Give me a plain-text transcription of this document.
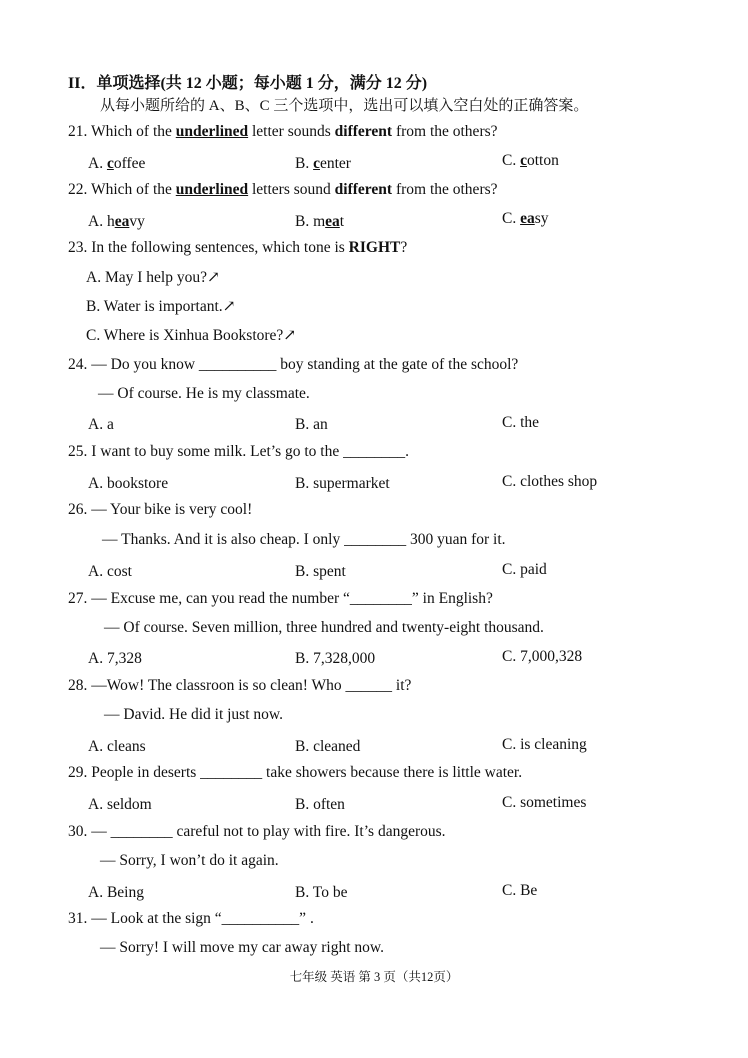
II．单项选择(共 12 小题；每小题 1 分，满分 12 分)
从每小题所给的 A、B、C 三个选项中，选出可以填入空白处的正确答案。
21. Which of the underlined letter sounds different from the others?
A. coffee	B. center	C. cotton
22. Which of the underlined letters sound different from the others?
A. heavy	B. meat	C. easy
23. In the following sentences, which tone is RIGHT?
A. May I help you?↗
B. Water is important.↗
C. Where is Xinhua Bookstore?↗
24. — Do you know __________ boy standing at the gate of the school?
— Of course. He is my classmate.
A. a	B. an	C. the
25. I want to buy some milk. Let’s go to the ________.
A. bookstore	B. supermarket	C. clothes shop
26. — Your bike is very cool!
— Thanks. And it is also cheap. I only ________ 300 yuan for it.
A. cost	B. spent	C. paid
27. — Excuse me, can you read the number “________” in English?
— Of course. Seven million, three hundred and twenty-eight thousand.
A. 7,328	B. 7,328,000	C. 7,000,328
28. —Wow! The classroon is so clean! Who ______ it?
— David. He did it just now.
A. cleans	B. cleaned	C. is cleaning
29. People in deserts ________ take showers because there is little water.
A. seldom	B. often	C. sometimes
30. — ________ careful not to play with fire. It’s dangerous.
— Sorry, I won’t do it again.
A. Being	B. To be	C. Be
31. — Look at the sign “__________” .
— Sorry! I will move my car away right now.
七年级 英语 第 3 页（共12页）
